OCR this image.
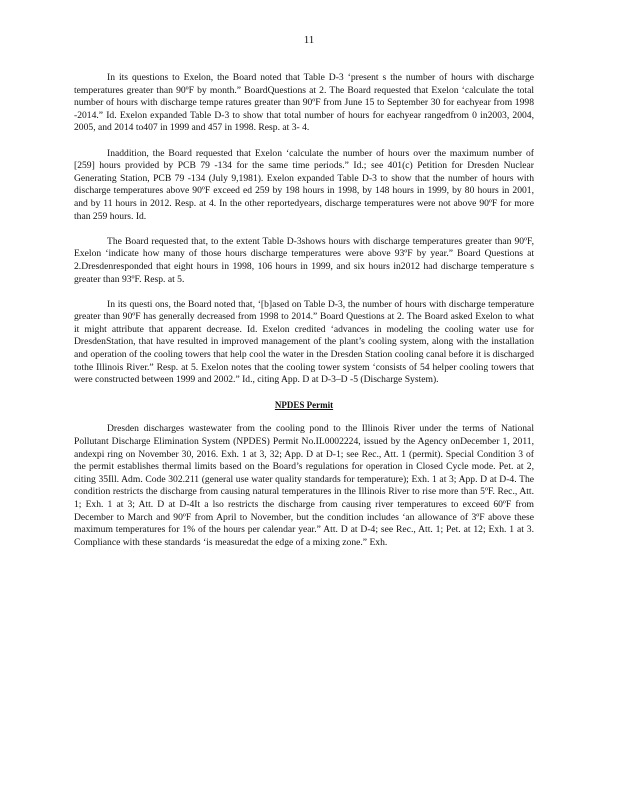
11

In its questions to Exelon, the Board noted that Table D-3 ‘present s the number of hours with discharge temperatures greater than 90ºF by month.” BoardQuestions at 2. The Board requested that Exelon ‘calculate the total number of hours with discharge tempe ratures greater than 90ºF from June 15 to September 30 for eachyear from 1998 -2014.” Id. Exelon expanded Table D-3 to show that total number of hours for eachyear rangedfrom 0 in2003, 2004, 2005, and 2014 to407 in 1999 and 457 in 1998. Resp. at 3- 4.

Inaddition, the Board requested that Exelon ‘calculate the number of hours over the maximum number of [259] hours provided by PCB 79 -134 for the same time periods.” Id.; see 401(c) Petition for Dresden Nuclear Generating Station, PCB 79 -134 (July 9,1981). Exelon expanded Table D-3 to show that the number of hours with discharge temperatures above 90ºF exceed ed 259 by 198 hours in 1998, by 148 hours in 1999, by 80 hours in 2001, and by 11 hours in 2012. Resp. at 4. In the other reportedyears, discharge temperatures were not above 90ºF for more than 259 hours. Id.

The Board requested that, to the extent Table D-3shows hours with discharge temperatures greater than 90ºF, Exelon ‘indicate how many of those hours discharge temperatures were above 93ºF by year.” Board Questions at 2.Dresdenresponded that eight hours in 1998, 106 hours in 1999, and six hours in2012 had discharge temperature s greater than 93ºF. Resp. at 5.

In its questi ons, the Board noted that, ‘[b]ased on Table D-3, the number of hours with discharge temperature greater than 90ºF has generally decreased from 1998 to 2014.” Board Questions at 2. The Board asked Exelon to what it might attribute that apparent decrease. Id. Exelon credited ‘advances in modeling the cooling water use for DresdenStation, that have resulted in improved management of the plant’s cooling system, along with the installation and operation of the cooling towers that help cool the water in the Dresden Station cooling canal before it is discharged tothe Illinois River.” Resp. at 5. Exelon notes that the cooling tower system ‘consists of 54 helper cooling towers that were constructed between 1999 and 2002.” Id., citing App. D at D-3–D -5 (Discharge System).

NPDES Permit

Dresden discharges wastewater from the cooling pond to the Illinois River under the terms of National Pollutant Discharge Elimination System (NPDES) Permit No.IL0002224, issued by the Agency onDecember 1, 2011, andexpi ring on November 30, 2016. Exh. 1 at 3, 32; App. D at D-1; see Rec., Att. 1 (permit). Special Condition 3 of the permit establishes thermal limits based on the Board’s regulations for operation in Closed Cycle mode. Pet. at 2, citing 35Ill. Adm. Code 302.211 (general use water quality standards for temperature); Exh. 1 at 3; App. D at D-4. The condition restricts the discharge from causing natural temperatures in the Illinois River to rise more than 5ºF. Rec., Att. 1; Exh. 1 at 3; Att. D at D-4It a lso restricts the discharge from causing river temperatures to exceed 60ºF from December to March and 90ºF from April to November, but the condition includes ‘an allowance of 3ºF above these maximum temperatures for 1% of the hours per calendar year.” Att. D at D-4; see Rec., Att. 1; Pet. at 12; Exh. 1 at 3. Compliance with these standards ‘is measuredat the edge of a mixing zone.” Exh.
